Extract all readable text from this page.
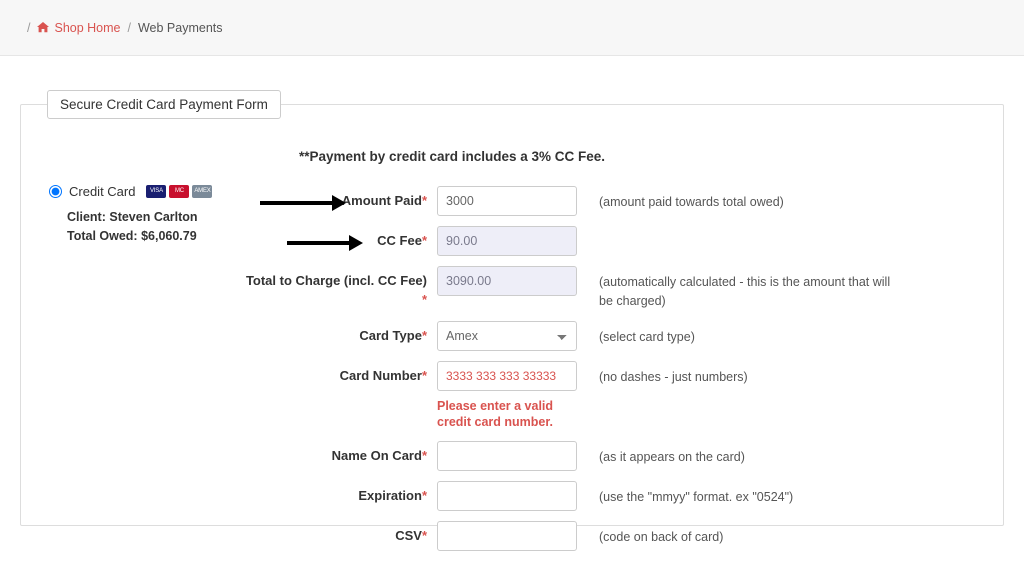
/ Shop Home / Web Payments
Secure Credit Card Payment Form
**Payment by credit card includes a 3% CC Fee.
Credit Card	VISA	MC	AMEX
Client: Steven Carlton
Total Owed: $6,060.79
Amount Paid*
3000	(amount paid towards total owed)
CC Fee*
90.00
Total to Charge (incl. CC Fee) *
3090.00
(automatically calculated - this is the amount that will be charged)
Card Type*
Amex	(select card type)
Card Number*
3333 333 333 33333
Please enter a valid credit card number.
(no dashes - just numbers)
Name On Card*	(as it appears on the card)
Expiration*	(use the "mmyy" format. ex "0524")
CSV*	(code on back of card)
